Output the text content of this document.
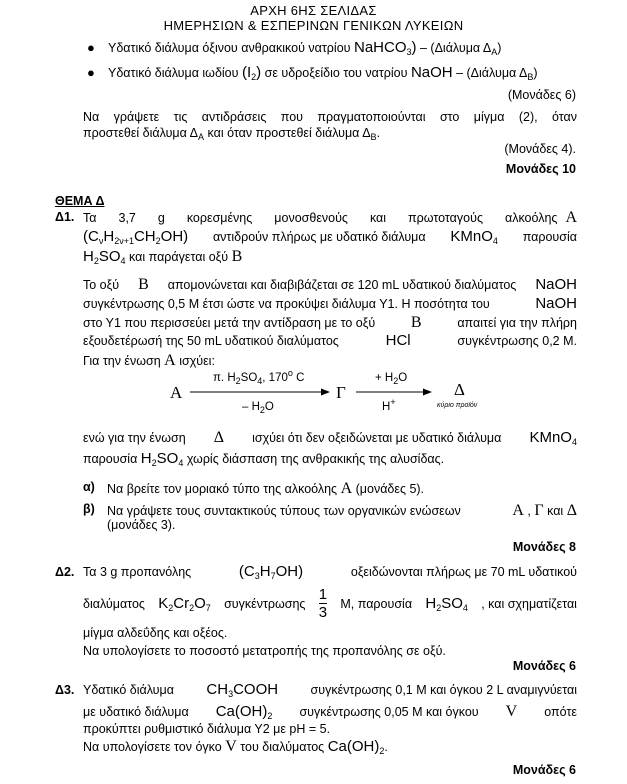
ΑΡΧΗ 6ΗΣ ΣΕΛΙΔΑΣ
ΗΜΕΡΗΣΙΩΝ & ΕΣΠΕΡΙΝΩΝ ΓΕΝΙΚΩΝ ΛΥΚΕΙΩΝ
● Υδατικό διάλυμα όξινου ανθρακικού νατρίου NaHCO$_3$) – (Διάλυμα $\Delta_A$)
● Υδατικό διάλυμα ιωδίου $(I_2)$ σε υδροξείδιο του νατρίου NaOH – (Διάλυμα $\Delta_B$)
(Μονάδες 6)
Να γράψετε τις αντιδράσεις που πραγματοποιούνται στο μίγμα (2), όταν
προστεθεί διάλυμα $\Delta_A$ και όταν προστεθεί διάλυμα $\Delta_B$.
(Μονάδες 4).
Μονάδες 10
ΘΕΜΑ Δ
Δ1. Τα 3,7 g κορεσμένης μονοσθενούς και πρωτοταγούς αλκοόλης Α
$(C_\nu H_{2\nu+1}CH_2OH)$ αντιδρούν πλήρως με υδατικό διάλυμα KMnO$_4$ παρουσία
$H_2SO_4$ και παράγεται οξύ Β
Το οξύ Β απομονώνεται και διαβιβάζεται σε 120 mL υδατικού διαλύματος NaOH
συγκέντρωσης 0,5 Μ έτσι ώστε να προκύψει διάλυμα Υ1. Η ποσότητα του	NaOH
στο Υ1 που περισσεύει μετά την αντίδραση με το οξύ Β	απαιτεί για την πλήρη
εξουδετέρωσή της 50 mL υδατικού διαλύματος	HCl	συγκέντρωσης 0,2 Μ.
Για την ένωση Α ισχύει:
Α
π. $H_2SO_4$, 170$^o$ C
– $H_2O$
Γ
+ $H_2O$
H+
Δ
κύριο προϊόν
ενώ για την ένωση Δ ισχύει ότι δεν οξειδώνεται με υδατικό διάλυμα KMnO$_4$
παρουσία $H_2SO_4$ χωρίς διάσπαση της ανθρακικής της αλυσίδας.
α) Να βρείτε τον μοριακό τύπο της αλκοόλης Α (μονάδες 5).
β) Να γράψετε τους συντακτικούς τύπους των οργανικών ενώσεων	Α , Γ και Δ
(μονάδες 3).
Μονάδες 8
Δ2. Τα 3 g προπανόλης	$(C_3H_7OH)$	οξειδώνονται πλήρως με 70 mL υδατικού
διαλύματος $K_2Cr_2O_7$ συγκέντρωσης $\frac{1}{3} M$, παρουσία $H_2SO_4$ , και σχηματίζεται
μίγμα αλδεΰδης και οξέος.
Να υπολογίσετε το ποσοστό μετατροπής της προπανόλης σε οξύ.
Μονάδες 6
Δ3. Υδατικό διάλυμα $CH_3COOH$	συγκέντρωσης 0,1 Μ και όγκου 2 L αναμιγνύεται
με υδατικό διάλυμα $Ca(OH)_2$ συγκέντρωσης 0,05 Μ και όγκου V οπότε
προκύπτει ρυθμιστικό διάλυμα Υ2 με pH = 5.
Να υπολογίσετε τον όγκο V του διαλύματος $Ca(OH)_2$.
Μονάδες 6
